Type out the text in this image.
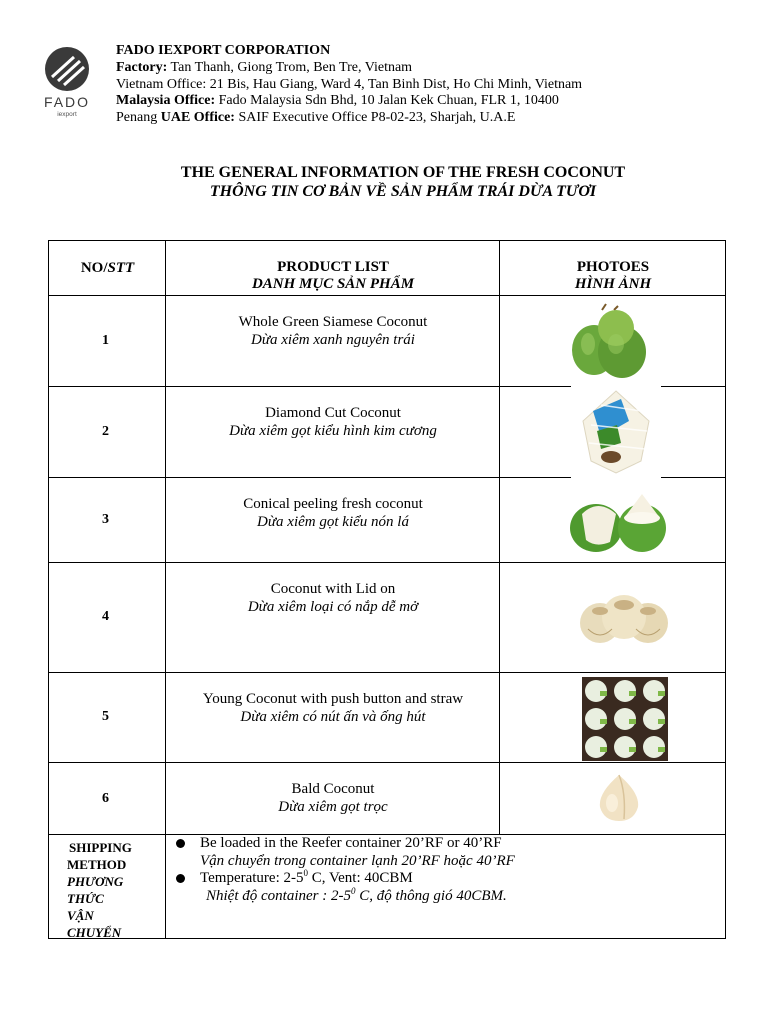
FADO
iexport
FADO IEXPORT CORPORATION
Factory: Tan Thanh, Giong Trom, Ben Tre, Vietnam
Vietnam Office: 21 Bis, Hau Giang, Ward 4, Tan Binh Dist, Ho Chi Minh, Vietnam
Malaysia Office: Fado Malaysia Sdn Bhd, 10 Jalan Kek Chuan, FLR 1, 10400
Penang UAE Office: SAIF Executive Office P8-02-23, Sharjah, U.A.E
THE GENERAL INFORMATION OF THE FRESH COCONUT
THÔNG TIN CƠ BẢN VỀ SẢN PHẨM TRÁI DỪA TƯƠI
NO/STT	PRODUCT LIST
DANH MỤC SẢN PHẨM
PHOTOES
HÌNH ẢNH
1
Whole Green Siamese Coconut
Dừa xiêm xanh nguyên trái
2
Diamond Cut Coconut
Dừa xiêm gọt kiểu hình kim cương
3
Conical peeling fresh coconut
Dừa xiêm gọt kiểu nón lá
4
Coconut with Lid on
Dừa xiêm loại có nắp dễ mở
5
Young Coconut with push button and straw
Dừa xiêm có nút ấn và ống hút
6
Bald Coconut
Dừa xiêm gọt trọc
SHIPPING
METHOD
PHƯƠNG
THỨC
VẬN
CHUYỂN
Be loaded in the Reefer container 20’RF or 40’RF
Vận chuyển trong container lạnh 20’RF hoặc 40’RF
Temperature: $2-5^0$ C, Vent: 40CBM
Nhiệt độ container : $2-5^0$ C, độ thông gió 40CBM.
